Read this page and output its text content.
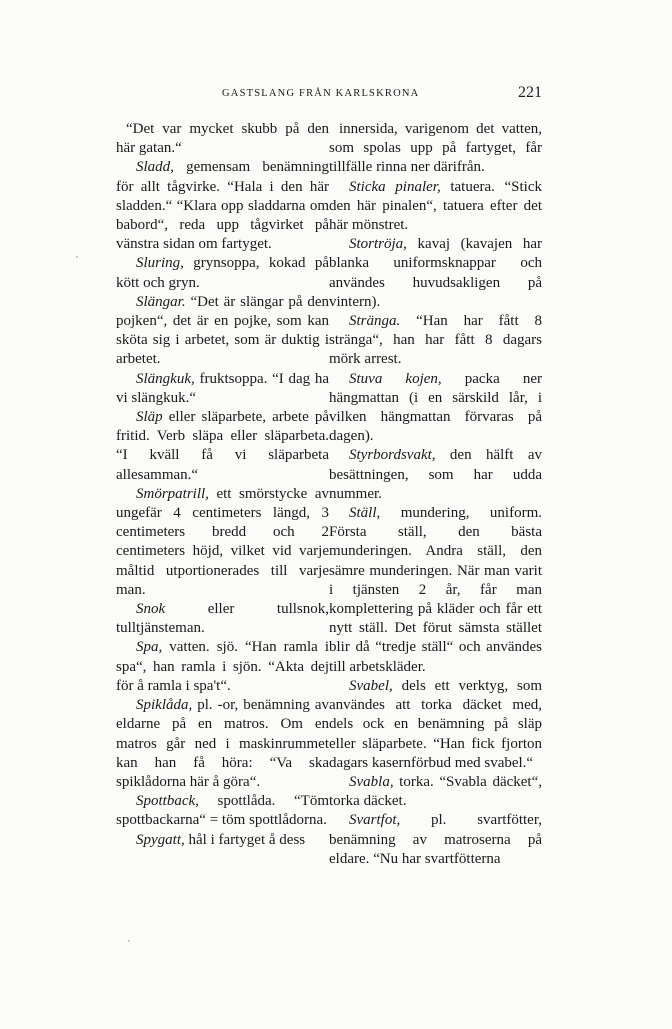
GASTSLANG FRÅN KARLSKRONA	221

“Det var mycket skubb på den här gatan.“

Sladd, gemensam benämning för allt tågvirke. “Hala i den här sladden.“ “Klara opp sladdarna om babord“, reda upp tågvirket på vänstra sidan om fartyget.

Sluring, grynsoppa, kokad på kött och gryn.

Slängar. “Det är slängar på den pojken“, det är en pojke, som kan sköta sig i arbetet, som är duktig i arbetet.

Slängkuk, fruktsoppa. “I dag ha vi slängkuk.“

Släp eller släparbete, arbete på fritid. Verb släpa eller släparbeta. “I kväll få vi släparbeta allesamman.“

Smörpatrill, ett smörstycke av ungefär 4 centimeters längd, 3 centimeters bredd och 2 centimeters höjd, vilket vid varje måltid utportionerades till varje man.

Snok eller tullsnok, tulltjänsteman.

Spa, vatten. sjö. “Han ramla i spa“, han ramla i sjön. “Akta dej för å ramla i spa't“.

Spiklåda, pl. -or, benämning av eldarne på en matros. Om en matros går ned i maskinrummet kan han få höra: “Va ska spiklådorna här å göra“.

Spottback, spottlåda. “Töm spottbackarna“ = töm spottlådorna.

Spygatt, hål i fartyget å dess

innersida, varigenom det vatten, som spolas upp på fartyget, får tillfälle rinna ner därifrån.

Sticka pinaler, tatuera. “Stick den här pinalen“, tatuera efter det här mönstret.

Stortröja, kavaj (kavajen har blanka uniformsknappar och användes huvudsakligen på vintern).

Stränga. “Han har fått 8 stränga“, han har fått 8 dagars mörk arrest.

Stuva kojen, packa ner hängmattan (i en särskild lår, i vilken hängmattan förvaras på dagen).

Styrbordsvakt, den hälft av besättningen, som har udda nummer.

Ställ, mundering, uniform. Första ställ, den bästa munderingen. Andra ställ, den sämre munderingen. När man varit i tjänsten 2 år, får man komplettering på kläder och får ett nytt ställ. Det förut sämsta stället blir då “tredje ställ“ och användes till arbetskläder.

Svabel, dels ett verktyg, som användes att torka däcket med, dels ock en benämning på släp eller släparbete. “Han fick fjorton dagars kasernförbud med svabel.“

Svabla, torka. “Svabla däcket“, torka däcket.

Svartfot, pl. svartfötter, benämning av matroserna på eldare. “Nu har svartfötterna
